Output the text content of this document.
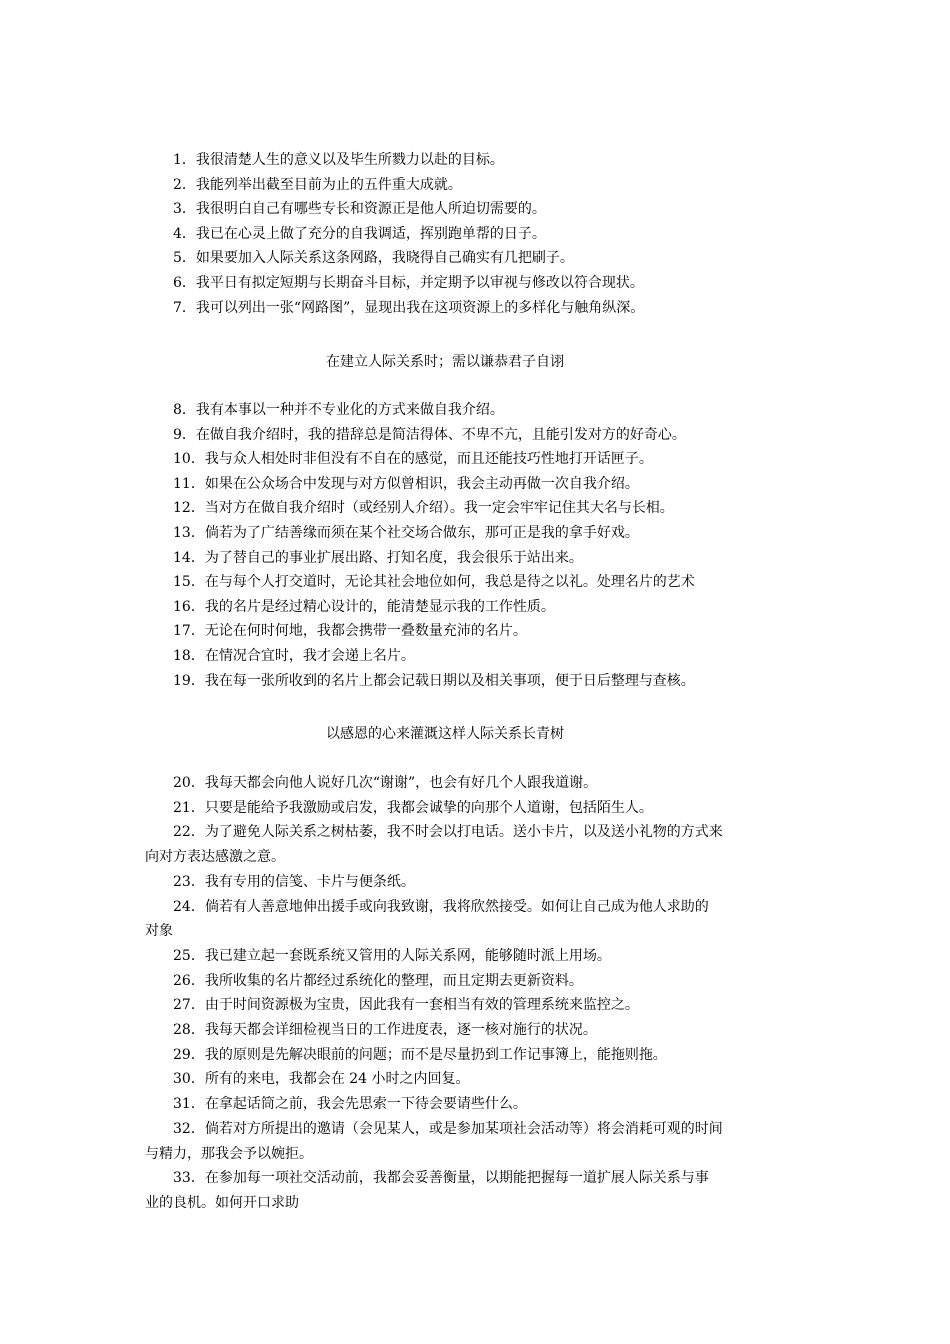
1．我很清楚人生的意义以及毕生所戮力以赴的目标。
2．我能列举出截至目前为止的五件重大成就。
3．我很明白自己有哪些专长和资源正是他人所迫切需要的。
4．我已在心灵上做了充分的自我调适，挥别跑单帮的日子。
5．如果要加入人际关系这条网路，我晓得自己确实有几把刷子。
6．我平日有拟定短期与长期奋斗目标，并定期予以审视与修改以符合现状。
7．我可以列出一张“网路图”，显现出我在这项资源上的多样化与触角纵深。
在建立人际关系时；需以谦恭君子自诩
8．我有本事以一种并不专业化的方式来做自我介绍。
9．在做自我介绍时，我的措辞总是简洁得体、不卑不亢，且能引发对方的好奇心。
10．我与众人相处时非但没有不自在的感觉，而且还能技巧性地打开话匣子。
11．如果在公众场合中发现与对方似曾相识，我会主动再做一次自我介绍。
12．当对方在做自我介绍时（或经别人介绍）。我一定会牢牢记住其大名与长相。
13．倘若为了广结善缘而须在某个社交场合做东，那可正是我的拿手好戏。
14．为了替自己的事业扩展出路、打知名度，我会很乐于站出来。
15．在与每个人打交道时，无论其社会地位如何，我总是待之以礼。处理名片的艺术
16．我的名片是经过精心设计的，能清楚显示我的工作性质。
17．无论在何时何地，我都会携带一叠数量充沛的名片。
18．在情况合宜时，我才会递上名片。
19．我在每一张所收到的名片上都会记载日期以及相关事项，便于日后整理与查核。
以感恩的心来灌溉这样人际关系长青树
20．我每天都会向他人说好几次“谢谢”，也会有好几个人跟我道谢。
21．只要是能给予我激励或启发，我都会诚挚的向那个人道谢，包括陌生人。
22．为了避免人际关系之树枯萎，我不时会以打电话。送小卡片，以及送小礼物的方式来
向对方表达感激之意。
23．我有专用的信笺、卡片与便条纸。
24．倘若有人善意地伸出援手或向我致谢，我将欣然接受。如何让自己成为他人求助的
对象
25．我已建立起一套既系统又管用的人际关系网，能够随时派上用场。
26．我所收集的名片都经过系统化的整理，而且定期去更新资料。
27．由于时间资源极为宝贵，因此我有一套相当有效的管理系统来监控之。
28．我每天都会详细检视当日的工作进度表，逐一核对施行的状况。
29．我的原则是先解决眼前的问题；而不是尽量扔到工作记事簿上，能拖则拖。
30．所有的来电，我都会在 24 小时之内回复。
31．在拿起话筒之前，我会先思索一下待会要请些什么。
32．倘若对方所提出的邀请（会见某人，或是参加某项社会活动等）将会消耗可观的时间
与精力，那我会予以婉拒。
33．在参加每一项社交活动前，我都会妥善衡量，以期能把握每一道扩展人际关系与事
业的良机。如何开口求助
